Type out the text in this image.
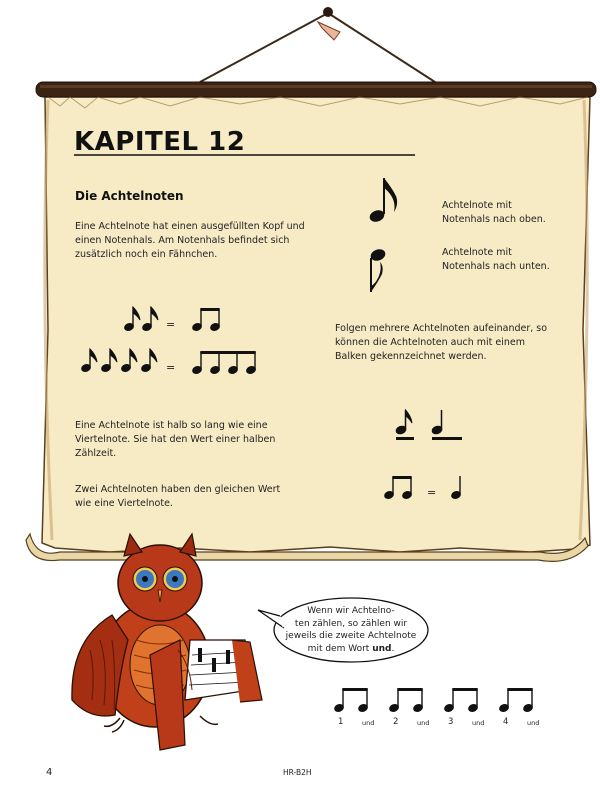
KAPITEL 12
Die Achtelnoten
Eine Achtelnote hat einen ausgefüllten Kopf und einen Notenhals. Am Notenhals befindet sich zusätzlich noch ein Fähnchen.
Achtelnote mit Notenhals nach oben.
Achtelnote mit Notenhals nach unten.
Folgen mehrere Achtelnoten aufeinander, so können die Achtelnoten auch mit einem Balken gekennzeichnet werden.
Eine Achtelnote ist halb so lang wie eine Viertelnote. Sie hat den Wert einer halben Zählzeit.
Zwei Achtelnoten haben den gleichen Wert wie eine Viertelnote.
=
=
=
Wenn wir Achtelno-
ten zählen, so zählen wir
jeweils die zweite Achtelnote
mit dem Wort und.
1	und 2	und 3	und 4	und
4	HR-B2H
